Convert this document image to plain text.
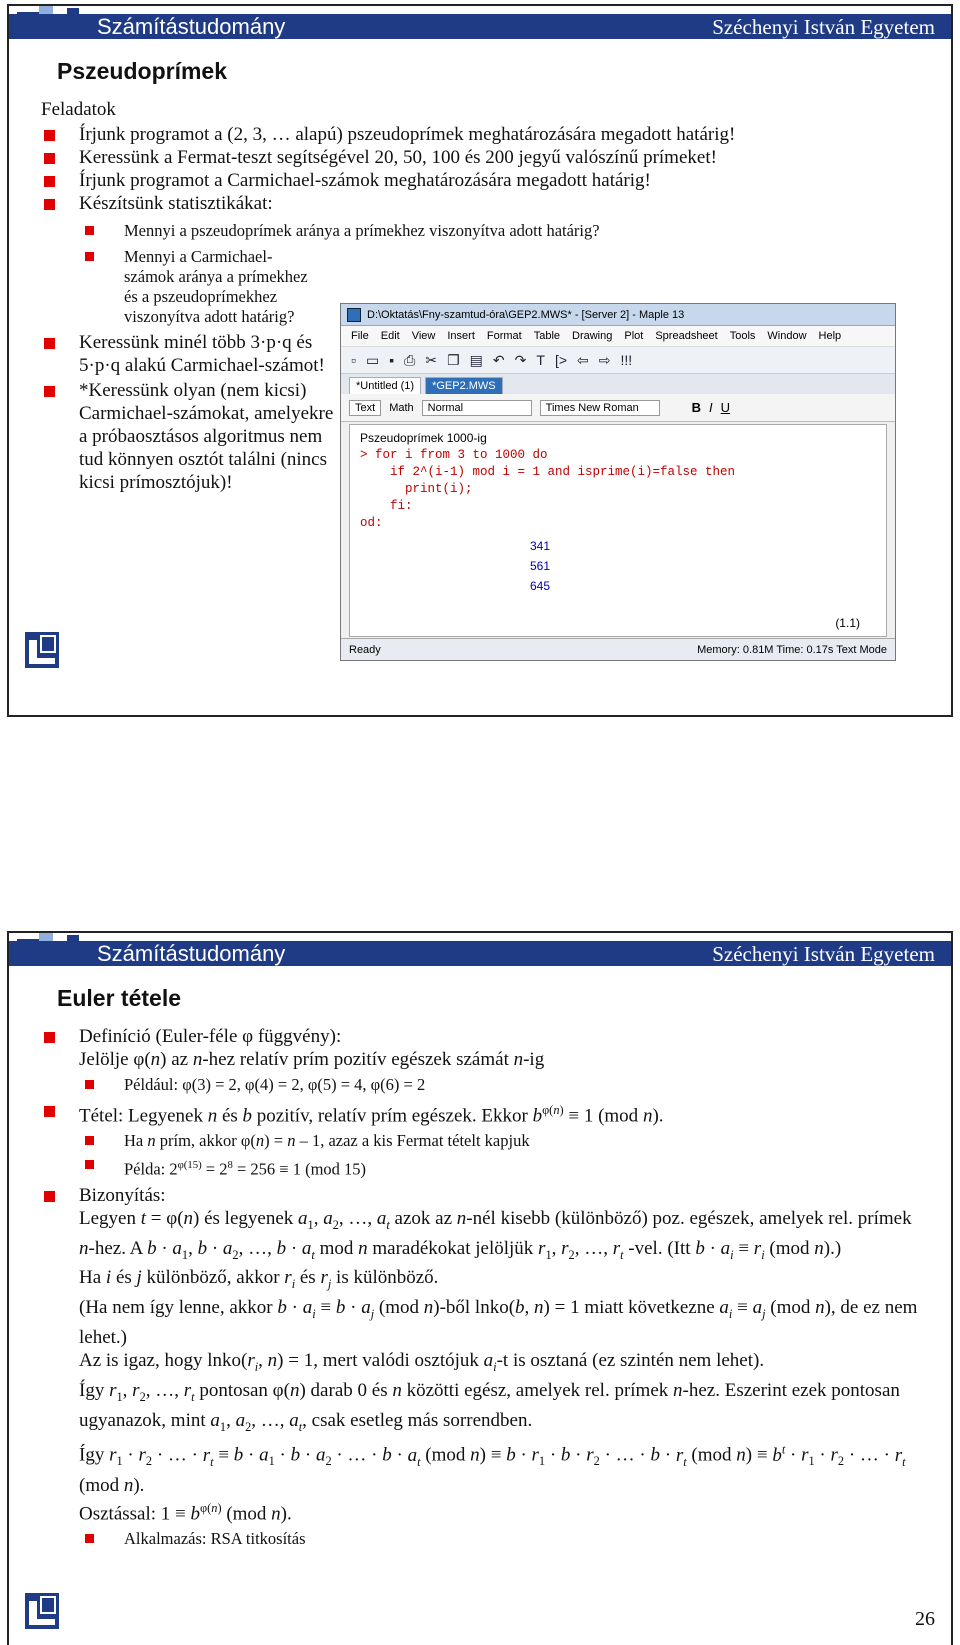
Számítástudomány	Széchenyi István Egyetem
Pszeudoprímek
Feladatok
Írjunk programot a (2, 3, … alapú) pszeudoprímek meghatározására megadott határig!
Keressünk a Fermat-teszt segítségével 20, 50, 100 és 200 jegyű valószínű prímeket!
Írjunk programot a Carmichael-számok meghatározására megadott határig!
Készítsünk statisztikákat:
Mennyi a pszeudoprímek aránya a prímekhez viszonyítva adott határig?
Mennyi a Carmichael-számok aránya a prímekhez és a pszeudoprímekhez viszonyítva adott határig?
Keressünk minél több 3·p·q és 5·p·q alakú Carmichael-számot!
*Keressünk olyan (nem kicsi) Carmichael-számokat, amelyekre a próbaosztásos algoritmus nem tud könnyen osztót találni (nincs kicsi prímosztójuk)!
D:\Oktatás\Fny-szamtud-óra\GEP2.MWS* - [Server 2] - Maple 13
File Edit View Insert Format Table Drawing Plot Spreadsheet Tools Window Help
▫ ▭ ▪ ⎙ ✂ ❐ ▤ ↶ ↷ T [> ⇦ ⇨ !!!
*Untitled (1)	*GEP2.MWS
Text	Math	Normal	Times New Roman	B I U
Pszeudoprímek 1000-ig
> for i from 3 to 1000 do
if 2^(i-1) mod i = 1 and isprime(i)=false then
print(i);
fi:
od:
341
561
645
(1.1)
Ready	Memory: 0.81M Time: 0.17s Text Mode
Számítástudomány	Széchenyi István Egyetem
Euler tétele
Definíció (Euler-féle φ függvény):
Jelölje φ(n) az n-hez relatív prím pozitív egészek számát n-ig
Például: φ(3) = 2, φ(4) = 2, φ(5) = 4, φ(6) = 2
Tétel: Legyenek n és b pozitív, relatív prím egészek. Ekkor $b^{\varphi(n)} \equiv 1$ (mod n).
Ha n prím, akkor φ(n) = n – 1, azaz a kis Fermat tételt kapjuk
Példa: $2^{\varphi(15)} = 2^8 = 256 \equiv 1$ (mod 15)
Bizonyítás:
Legyen t = φ(n) és legyenek $a_1$, $a_2$, …, $a_t$ azok az n-nél kisebb (különböző) poz. egészek, amelyek rel. prímek n-hez. A $b \cdot a_1$, $b \cdot a_2$, …, $b \cdot a_t$ mod n maradékokat jelöljük $r_1$, $r_2$, …, $r_t$ -vel. (Itt $b \cdot a_i \equiv r_i$ (mod n).)
Ha i és j különböző, akkor $r_i$ és $r_j$ is különböző.
(Ha nem így lenne, akkor $b \cdot a_i \equiv b \cdot a_j$ (mod n)-ből lnko(b, n) = 1 miatt következne $a_i \equiv a_j$ (mod n), de ez nem lehet.)
Az is igaz, hogy $lnko(r_i$, n) = 1, mert valódi osztójuk $a_i-t$ is osztaná (ez szintén nem lehet).
Így $r_1$, $r_2$, …, $r_t$ pontosan φ(n) darab 0 és n közötti egész, amelyek rel. prímek n-hez. Eszerint ezek pontosan ugyanazok, mint $a_1$, $a_2$, …, $a_t$, csak esetleg más sorrendben.
Így $r_1 \cdot r_2$ · … · $r_t \equiv b \cdot a_1 \cdot b \cdot a_2$ · … · $b \cdot a_t$ (mod $n) \equiv b \cdot r_1 \cdot b \cdot r_2$ · … · $b \cdot r_t$ (mod $n) \equiv b^t \cdot r_1 \cdot r_2$ · … · $r_t$ (mod n).
Osztással: $1 \equiv b^{\varphi(n)}$ (mod n).
Alkalmazás: RSA titkosítás
26
